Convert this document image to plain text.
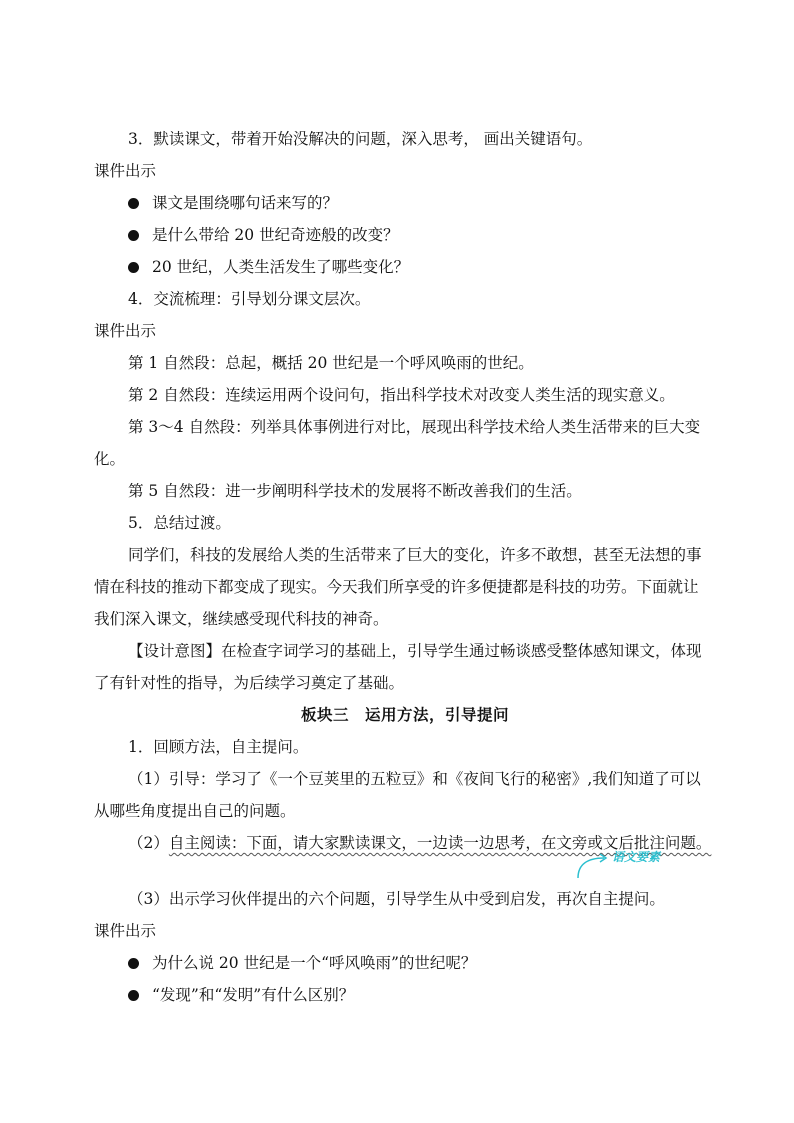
3．默读课文，带着开始没解决的问题，深入思考， 画出关键语句。
课件出示
课文是围绕哪句话来写的？
是什么带给 20 世纪奇迹般的改变？
20 世纪，人类生活发生了哪些变化？
4．交流梳理：引导划分课文层次。
课件出示
第 1 自然段：总起，概括 20 世纪是一个呼风唤雨的世纪。
第 2 自然段：连续运用两个设问句，指出科学技术对改变人类生活的现实意义。
第 3～4 自然段：列举具体事例进行对比，展现出科学技术给人类生活带来的巨大变
化。
第 5 自然段：进一步阐明科学技术的发展将不断改善我们的生活。
5．总结过渡。
同学们，科技的发展给人类的生活带来了巨大的变化，许多不敢想，甚至无法想的事
情在科技的推动下都变成了现实。今天我们所享受的许多便捷都是科技的功劳。下面就让
我们深入课文，继续感受现代科技的神奇。
【设计意图】在检查字词学习的基础上，引导学生通过畅谈感受整体感知课文，体现
了有针对性的指导，为后续学习奠定了基础。
板块三　运用方法，引导提问
1．回顾方法，自主提问。
（1）引导：学习了《一个豆荚里的五粒豆》和《夜间飞行的秘密》,我们知道了可以
从哪些角度提出自己的问题。
（2）自主阅读：下面，请大家默读课文，一边读一边思考，在文旁或文后批注问题。
语文要素
（3）出示学习伙伴提出的六个问题，引导学生从中受到启发，再次自主提问。
课件出示
为什么说 20 世纪是一个“呼风唤雨”的世纪呢？
“发现”和“发明”有什么区别？
